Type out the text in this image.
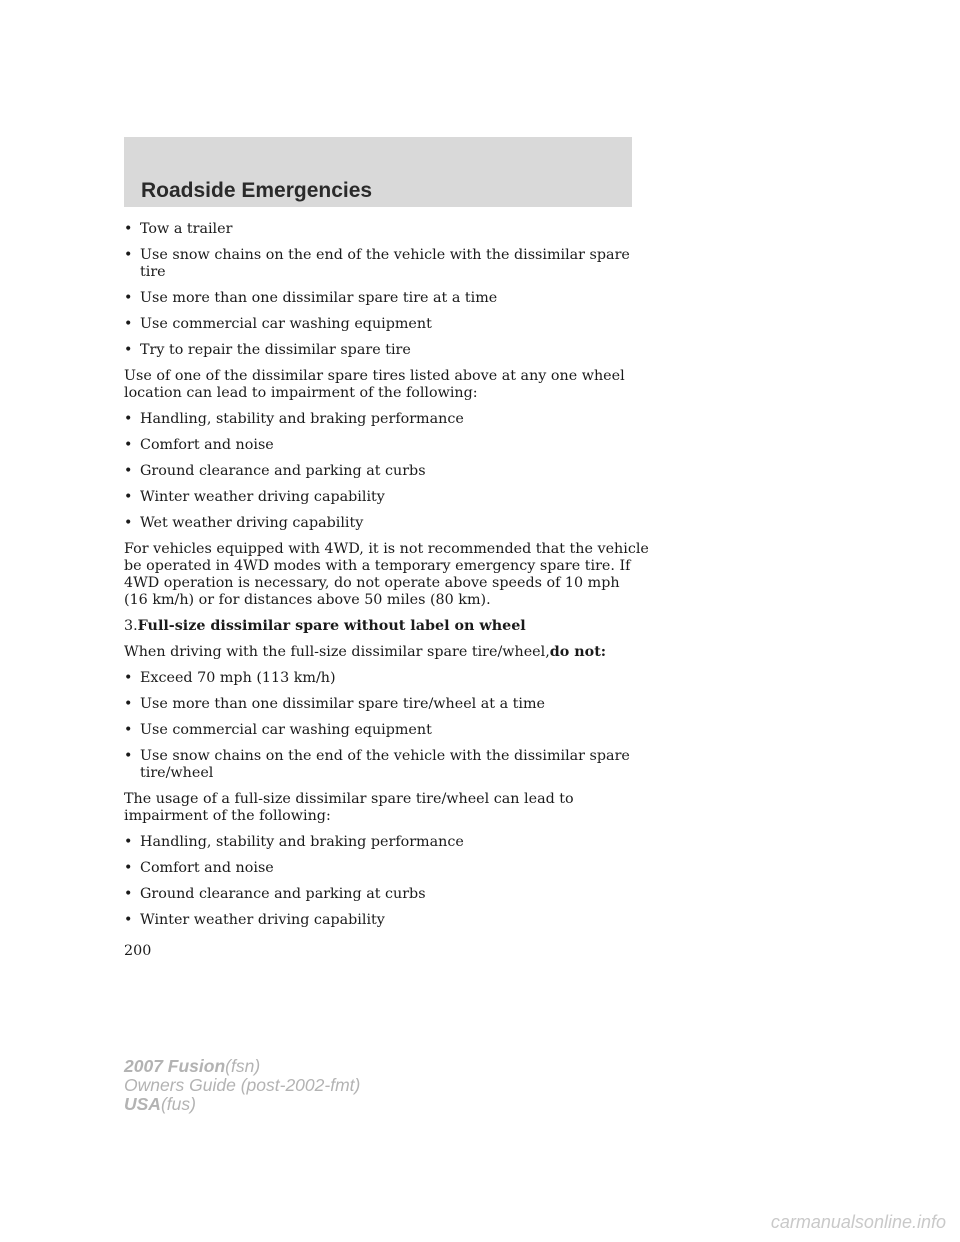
Roadside Emergencies
• Tow a trailer
• Use snow chains on the end of the vehicle with the dissimilar spare
tire
• Use more than one dissimilar spare tire at a time
• Use commercial car washing equipment
• Try to repair the dissimilar spare tire
Use of one of the dissimilar spare tires listed above at any one wheel
location can lead to impairment of the following:
• Handling, stability and braking performance
• Comfort and noise
• Ground clearance and parking at curbs
• Winter weather driving capability
• Wet weather driving capability
For vehicles equipped with 4WD, it is not recommended that the vehicle
be operated in 4WD modes with a temporary emergency spare tire. If
4WD operation is necessary, do not operate above speeds of 10 mph
(16 km/h) or for distances above 50 miles (80 km).
3.Full-size dissimilar spare without label on wheel
When driving with the full-size dissimilar spare tire/wheel,do not:
• Exceed 70 mph (113 km/h)
• Use more than one dissimilar spare tire/wheel at a time
• Use commercial car washing equipment
• Use snow chains on the end of the vehicle with the dissimilar spare
tire/wheel
The usage of a full-size dissimilar spare tire/wheel can lead to
impairment of the following:
• Handling, stability and braking performance
• Comfort and noise
• Ground clearance and parking at curbs
• Winter weather driving capability
200
2007 Fusion(fsn)
Owners Guide (post-2002-fmt)
USA(fus)
carmanualsonline.info
